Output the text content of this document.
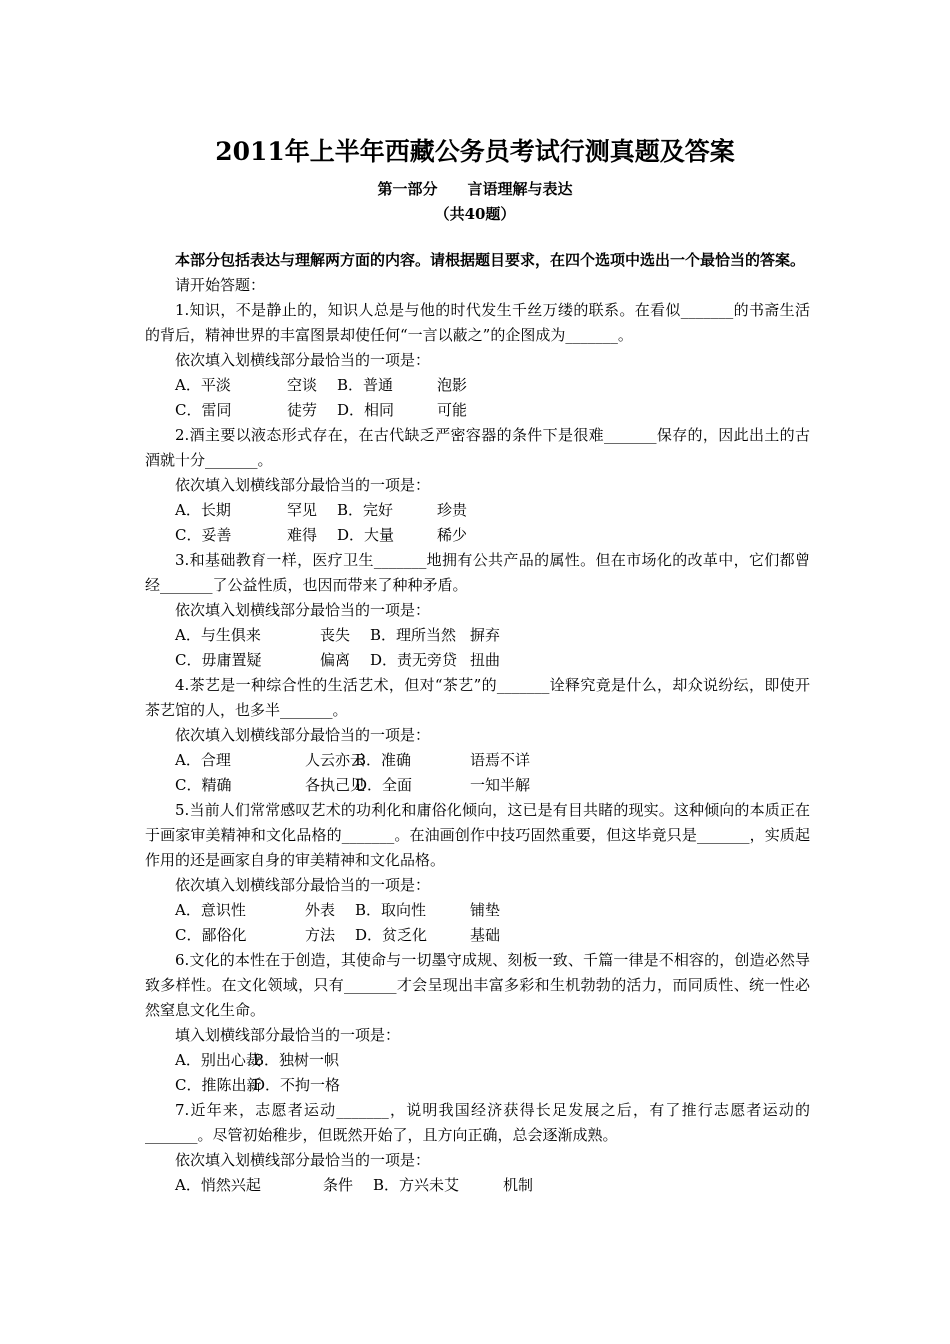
2011年上半年西藏公务员考试行测真题及答案
第一部分　　言语理解与表达
（共40题）

本部分包括表达与理解两方面的内容。请根据题目要求，在四个选项中选出一个最恰当的答案。

请开始答题：

1.知识，不是静止的，知识人总是与他的时代发生千丝万缕的联系。在看似_______的书斋生活的背后，精神世界的丰富图景却使任何“一言以蔽之”的企图成为_______。

依次填入划横线部分最恰当的一项是：

A．平淡	空谈 B．普通	泡影
C．雷同	徒劳 D．相同	可能

2.酒主要以液态形式存在，在古代缺乏严密容器的条件下是很难_______保存的，因此出土的古酒就十分_______。

依次填入划横线部分最恰当的一项是：

A．长期	罕见 B．完好	珍贵
C．妥善	难得 D．大量	稀少

3.和基础教育一样，医疗卫生_______地拥有公共产品的属性。但在市场化的改革中，它们都曾经_______了公益性质，也因而带来了种种矛盾。

依次填入划横线部分最恰当的一项是：

A．与生俱来	丧失 B．理所当然 摒弃
C．毋庸置疑	偏离 D．责无旁贷 扭曲

4.茶艺是一种综合性的生活艺术，但对“茶艺”的_______诠释究竟是什么，却众说纷纭，即使开茶艺馆的人，也多半_______。

依次填入划横线部分最恰当的一项是：

A．合理	人云亦云
B．准确	语焉不详
C．精确	各执己见
D．全面	一知半解

5.当前人们常常感叹艺术的功利化和庸俗化倾向，这已是有目共睹的现实。这种倾向的本质正在于画家审美精神和文化品格的_______。在油画创作中技巧固然重要，但这毕竟只是_______，实质起作用的还是画家自身的审美精神和文化品格。

依次填入划横线部分最恰当的一项是：

A．意识性	外表 B．取向性	铺垫
C．鄙俗化	方法 D．贫乏化	基础

6.文化的本性在于创造，其使命与一切墨守成规、刻板一致、千篇一律是不相容的，创造必然导致多样性。在文化领域，只有_______才会呈现出丰富多彩和生机勃勃的活力，而同质性、统一性必然窒息文化生命。

填入划横线部分最恰当的一项是：

A．别出心裁
B．独树一帜
C．推陈出新
D．不拘一格

7.近年来，志愿者运动_______，说明我国经济获得长足发展之后，有了推行志愿者运动的_______。尽管初始稚步，但既然开始了，且方向正确，总会逐渐成熟。

依次填入划横线部分最恰当的一项是：

A．悄然兴起	条件 B．方兴未艾	机制
